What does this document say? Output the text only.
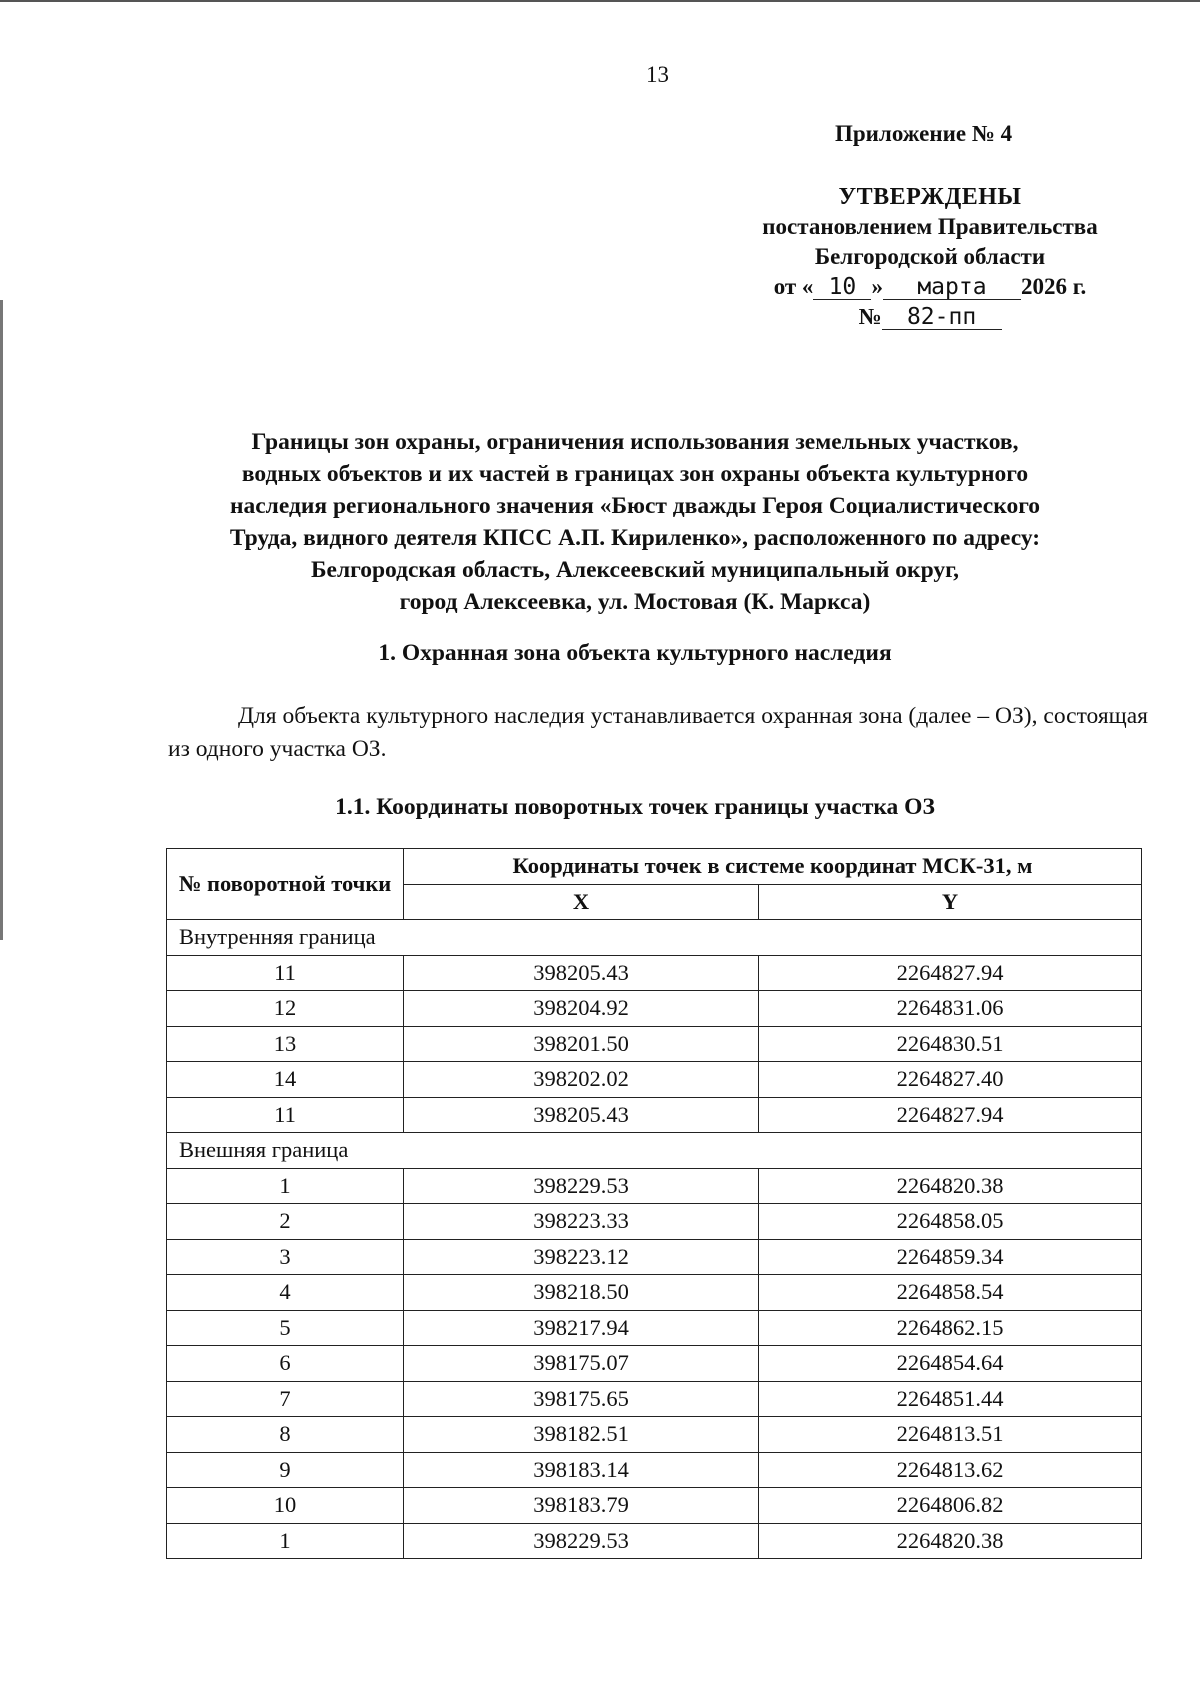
13
Приложение № 4
УТВЕРЖДЕНЫ
постановлением Правительства
Белгородской области
от « 10 » марта 2026 г.
№ 82-пп
Границы зон охраны, ограничения использования земельных участков,
водных объектов и их частей в границах зон охраны объекта культурного
наследия регионального значения «Бюст дважды Героя Социалистического
Труда, видного деятеля КПСС А.П. Кириленко», расположенного по адресу:
Белгородская область, Алексеевский муниципальный округ,
город Алексеевка, ул. Мостовая (К. Маркса)
1. Охранная зона объекта культурного наследия

Для объекта культурного наследия устанавливается охранная зона (далее – ОЗ), состоящая из одного участка ОЗ.

1.1. Координаты поворотных точек границы участка ОЗ
№ поворотной точки	Координаты точек в системе координат МСК-31, м	
	X	Y
Внутренняя граница		
11	398205.43	2264827.94
12	398204.92	2264831.06
13	398201.50	2264830.51
14	398202.02	2264827.40
11	398205.43	2264827.94
Внешняя граница		
1	398229.53	2264820.38
2	398223.33	2264858.05
3	398223.12	2264859.34
4	398218.50	2264858.54
5	398217.94	2264862.15
6	398175.07	2264854.64
7	398175.65	2264851.44
8	398182.51	2264813.51
9	398183.14	2264813.62
10	398183.79	2264806.82
1	398229.53	2264820.38
